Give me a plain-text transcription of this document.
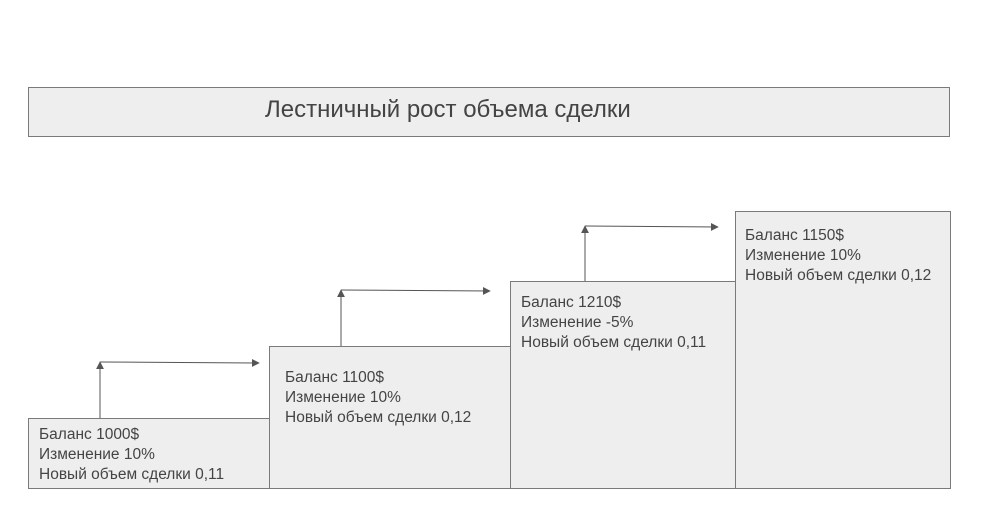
Лестничный рост объема сделки
Баланс 1000$
Изменение 10%
Новый объем сделки 0,11
Баланс 1100$
Изменение 10%
Новый объем сделки 0,12
Баланс 1210$
Изменение -5%
Новый объем сделки 0,11
Баланс 1150$
Изменение 10%
Новый объем сделки 0,12
